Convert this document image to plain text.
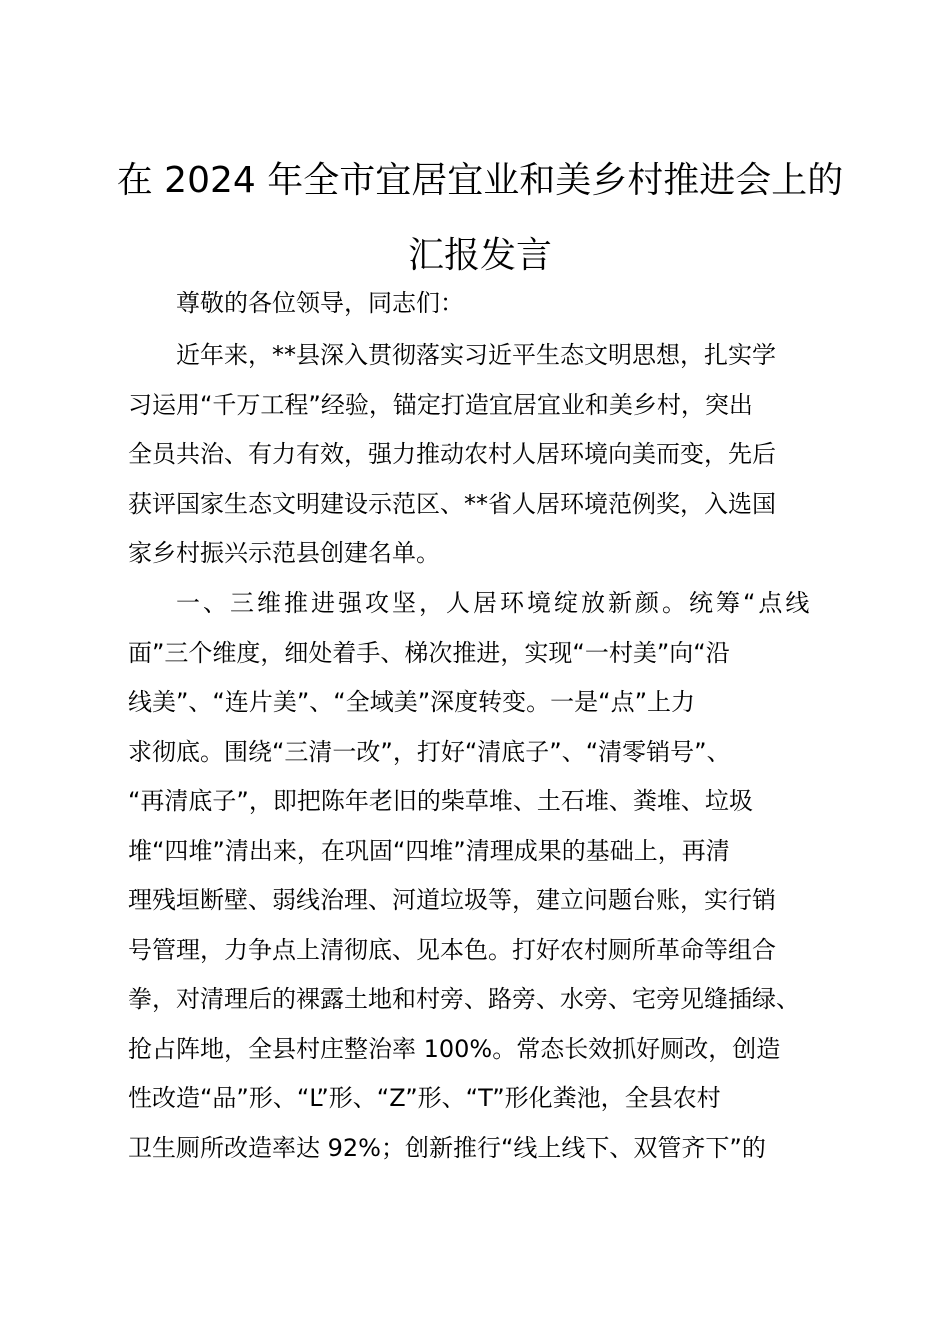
在 2024 年全市宜居宜业和美乡村推进会上的
汇报发言
尊敬的各位领导，同志们：
近年来，**县深入贯彻落实习近平生态文明思想，扎实学
习运用“千万工程”经验，锚定打造宜居宜业和美乡村，突出
全员共治、有力有效，强力推动农村人居环境向美而变，先后
获评国家生态文明建设示范区、**省人居环境范例奖，入选国
家乡村振兴示范县创建名单。
一、三维推进强攻坚，人居环境绽放新颜。统筹“点线
面”三个维度，细处着手、梯次推进，实现“一村美”向“沿
线美”、“连片美”、“全域美”深度转变。一是“点”上力
求彻底。围绕“三清一改”，打好“清底子”、“清零销号”、
“再清底子”，即把陈年老旧的柴草堆、土石堆、粪堆、垃圾
堆“四堆”清出来，在巩固“四堆”清理成果的基础上，再清
理残垣断壁、弱线治理、河道垃圾等，建立问题台账，实行销
号管理，力争点上清彻底、见本色。打好农村厕所革命等组合
拳，对清理后的裸露土地和村旁、路旁、水旁、宅旁见缝插绿、
抢占阵地，全县村庄整治率 100%。常态长效抓好厕改，创造
性改造“品”形、“L”形、“Z”形、“T”形化粪池，全县农村
卫生厕所改造率达 92%；创新推行“线上线下、双管齐下”的
